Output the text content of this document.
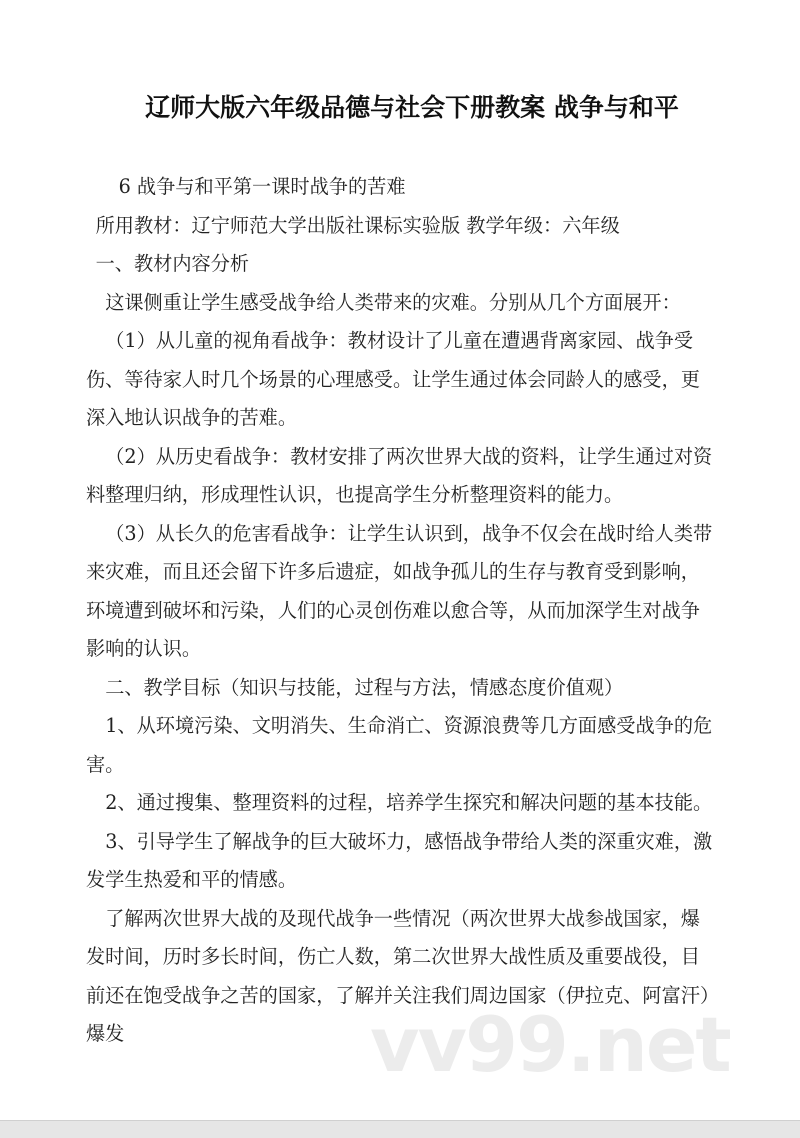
辽师大版六年级品德与社会下册教案 战争与和平

6 战争与和平第一课时战争的苦难

所用教材：辽宁师范大学出版社课标实验版 教学年级：六年级

一、教材内容分析

这课侧重让学生感受战争给人类带来的灾难。分别从几个方面展开：

（1）从儿童的视角看战争：教材设计了儿童在遭遇背离家园、战争受伤、等待家人时几个场景的心理感受。让学生通过体会同龄人的感受，更深入地认识战争的苦难。

（2）从历史看战争：教材安排了两次世界大战的资料，让学生通过对资料整理归纳，形成理性认识，也提高学生分析整理资料的能力。

（3）从长久的危害看战争：让学生认识到，战争不仅会在战时给人类带来灾难，而且还会留下许多后遗症，如战争孤儿的生存与教育受到影响，环境遭到破坏和污染，人们的心灵创伤难以愈合等，从而加深学生对战争影响的认识。

二、教学目标（知识与技能，过程与方法，情感态度价值观）

1、从环境污染、文明消失、生命消亡、资源浪费等几方面感受战争的危害。

2、通过搜集、整理资料的过程，培养学生探究和解决问题的基本技能。

3、引导学生了解战争的巨大破坏力，感悟战争带给人类的深重灾难，激发学生热爱和平的情感。

了解两次世界大战的及现代战争一些情况（两次世界大战参战国家，爆发时间，历时多长时间，伤亡人数，第二次世界大战性质及重要战役，目前还在饱受战争之苦的国家，了解并关注我们周边国家（伊拉克、阿富汗）爆发	vv99.net
